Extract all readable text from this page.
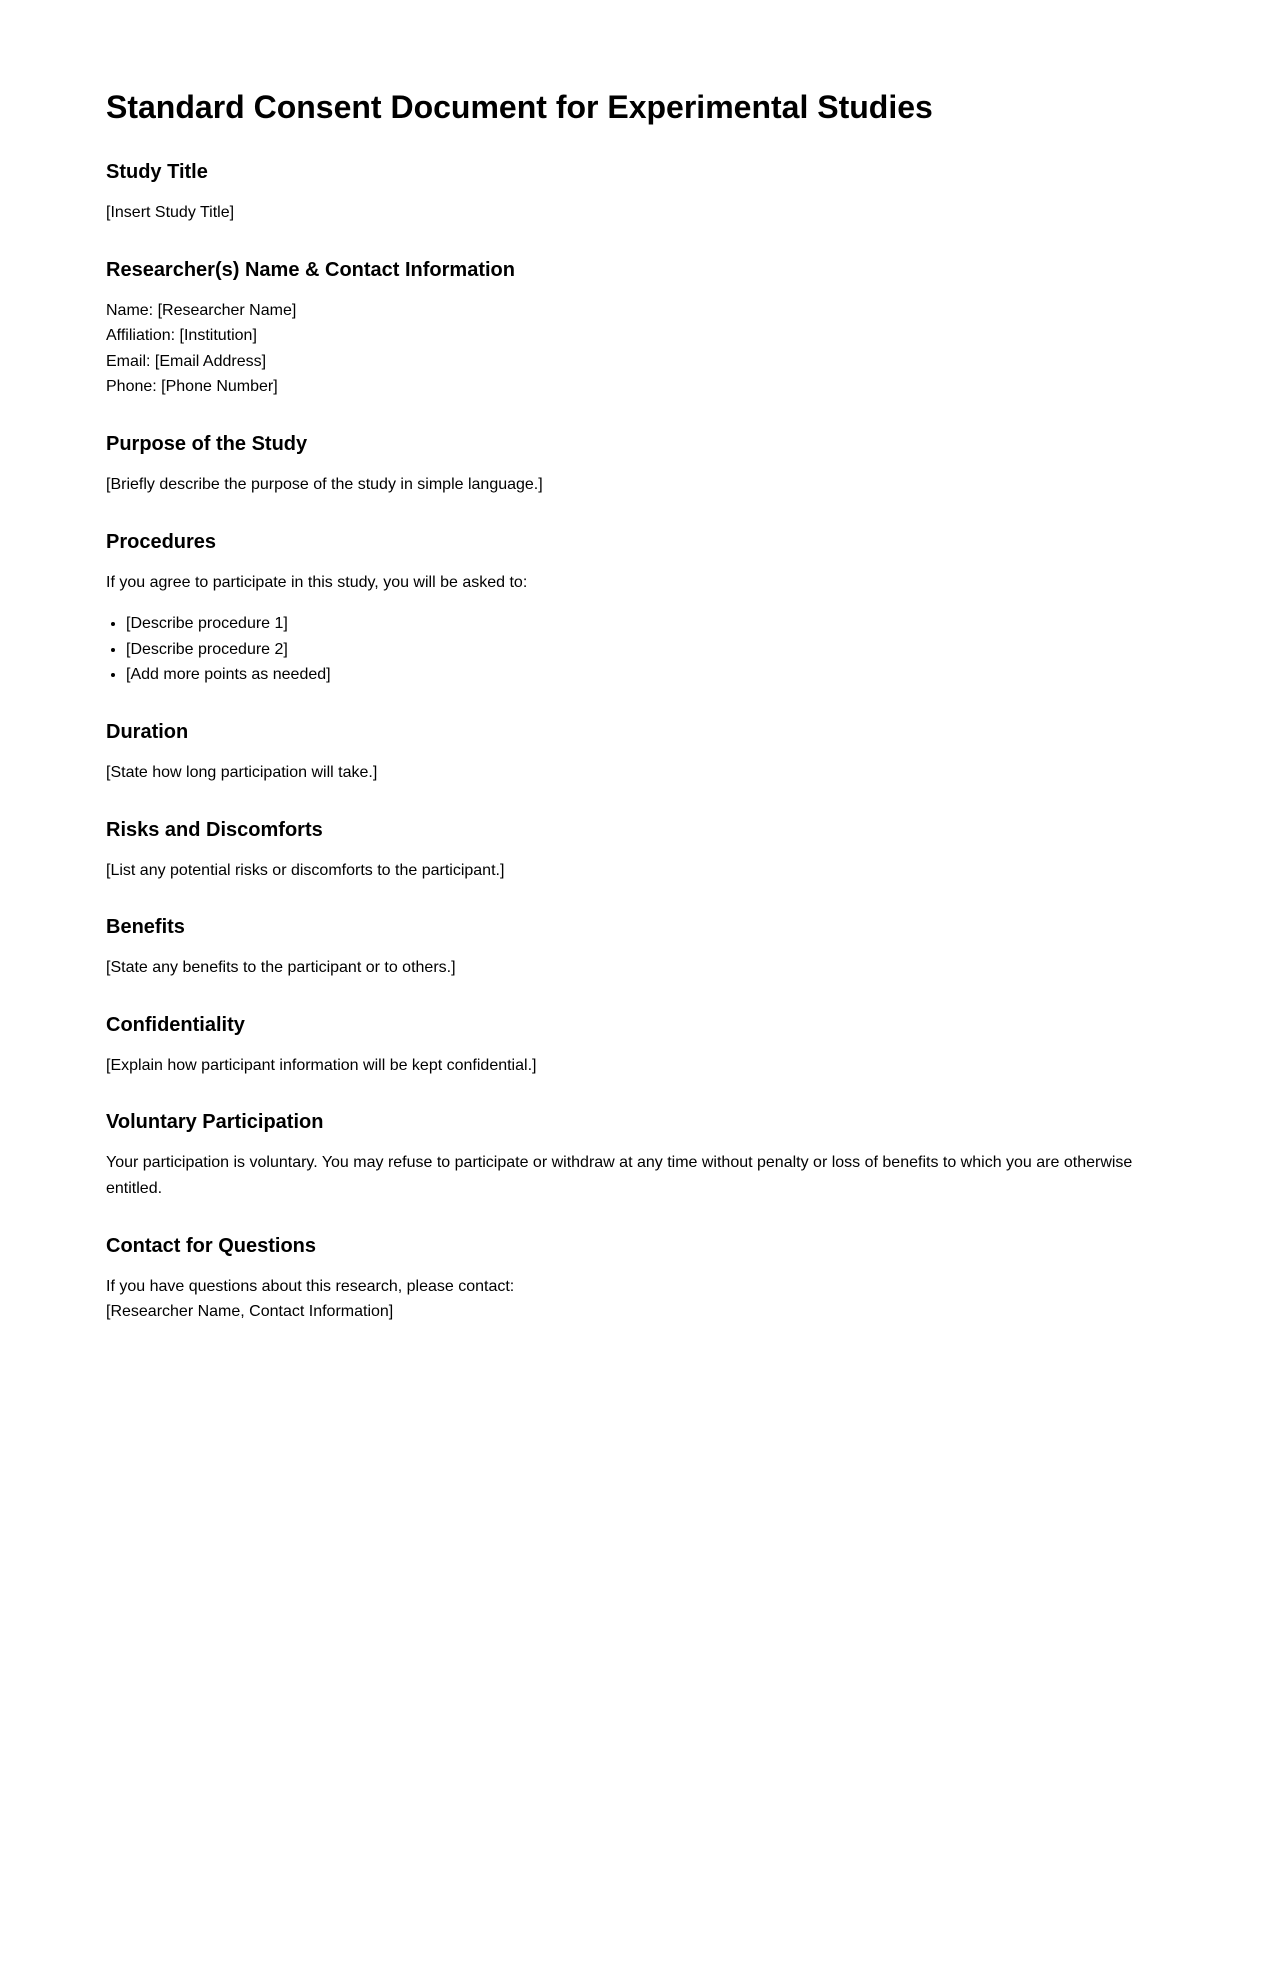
Standard Consent Document for Experimental Studies
Study Title

[Insert Study Title]

Researcher(s) Name & Contact Information

Name: [Researcher Name]
Affiliation: [Institution]
Email: [Email Address]
Phone: [Phone Number]

Purpose of the Study

[Briefly describe the purpose of the study in simple language.]

Procedures

If you agree to participate in this study, you will be asked to:

• [Describe procedure 1]
• [Describe procedure 2]
• [Add more points as needed]
Duration

[State how long participation will take.]

Risks and Discomforts

[List any potential risks or discomforts to the participant.]

Benefits

[State any benefits to the participant or to others.]

Confidentiality

[Explain how participant information will be kept confidential.]

Voluntary Participation

Your participation is voluntary. You may refuse to participate or withdraw at any time without penalty or loss of benefits to which you are otherwise entitled.

Contact for Questions

If you have questions about this research, please contact:
[Researcher Name, Contact Information]
